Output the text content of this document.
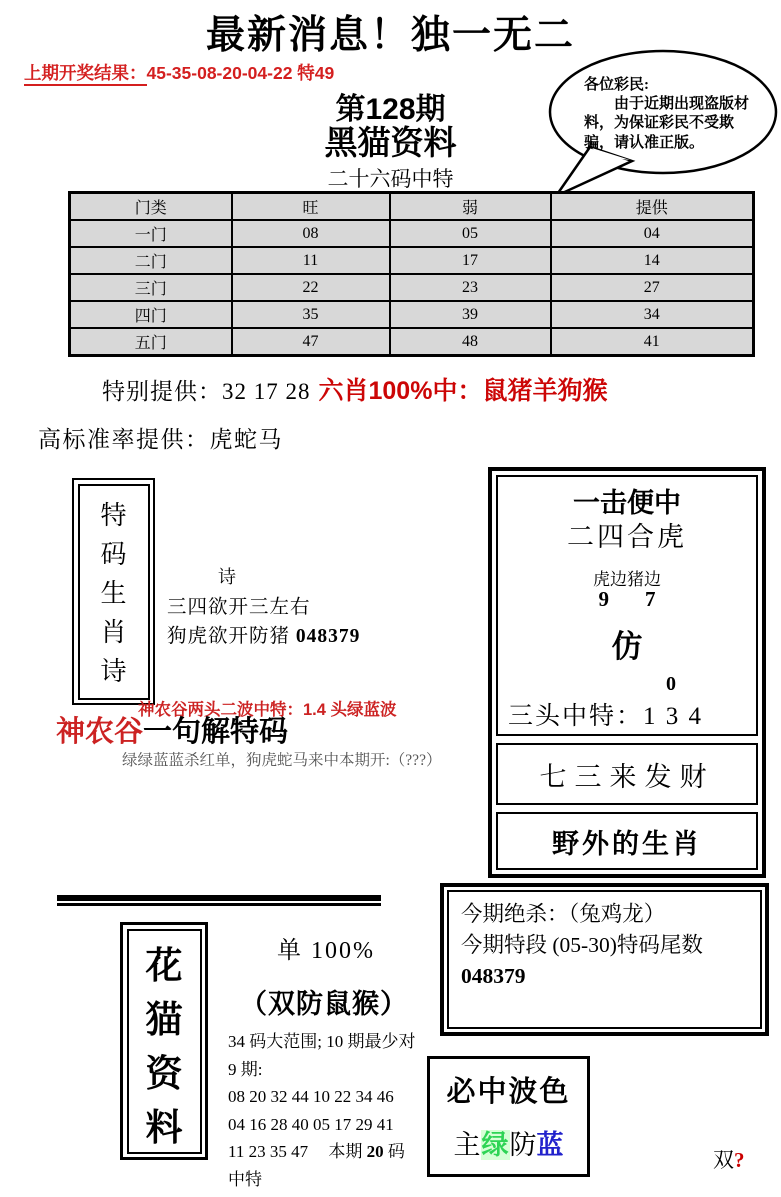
最新消息！独一无二
上期开奖结果：45-35-08-20-04-22 特49
第128期
黑猫资料
各位彩民:
由于近期出现盗版材料，为保证彩民不受欺骗，请认准正版。
二十六码中特
门类	旺	弱	提供
一门	08	05	04
二门	11	17	14
三门	22	23	27
四门	35	39	34
五门	47	48	41
特别提供：32 17 28 六肖100%中：鼠猪羊狗猴
高标准率提供：虎蛇马
特
码
生
肖
诗
诗
三四欲开三左右
狗虎欲开防猪 048379
神农谷两头二波中特：1.4 头绿蓝波
神农谷一句解特码
绿绿蓝蓝杀红单，狗虎蛇马来中本期开:（???）
一击便中
二四合虎
虎边猪边
9 7
仿
0
三头中特：1 3 4
七三来发财
野外的生肖
今期绝杀：（兔鸡龙）
今期特段 (05-30)特码尾数 048379
花
猫
资
料
单 100%
（双防鼠猴）
34 码大范围; 10 期最少对
9 期:
08 20 32 44 10 22 34 46
04 16 28 40 05 17 29 41
11 23 35 47 本期 20 码
中特
必中波色
主绿防蓝	双?
